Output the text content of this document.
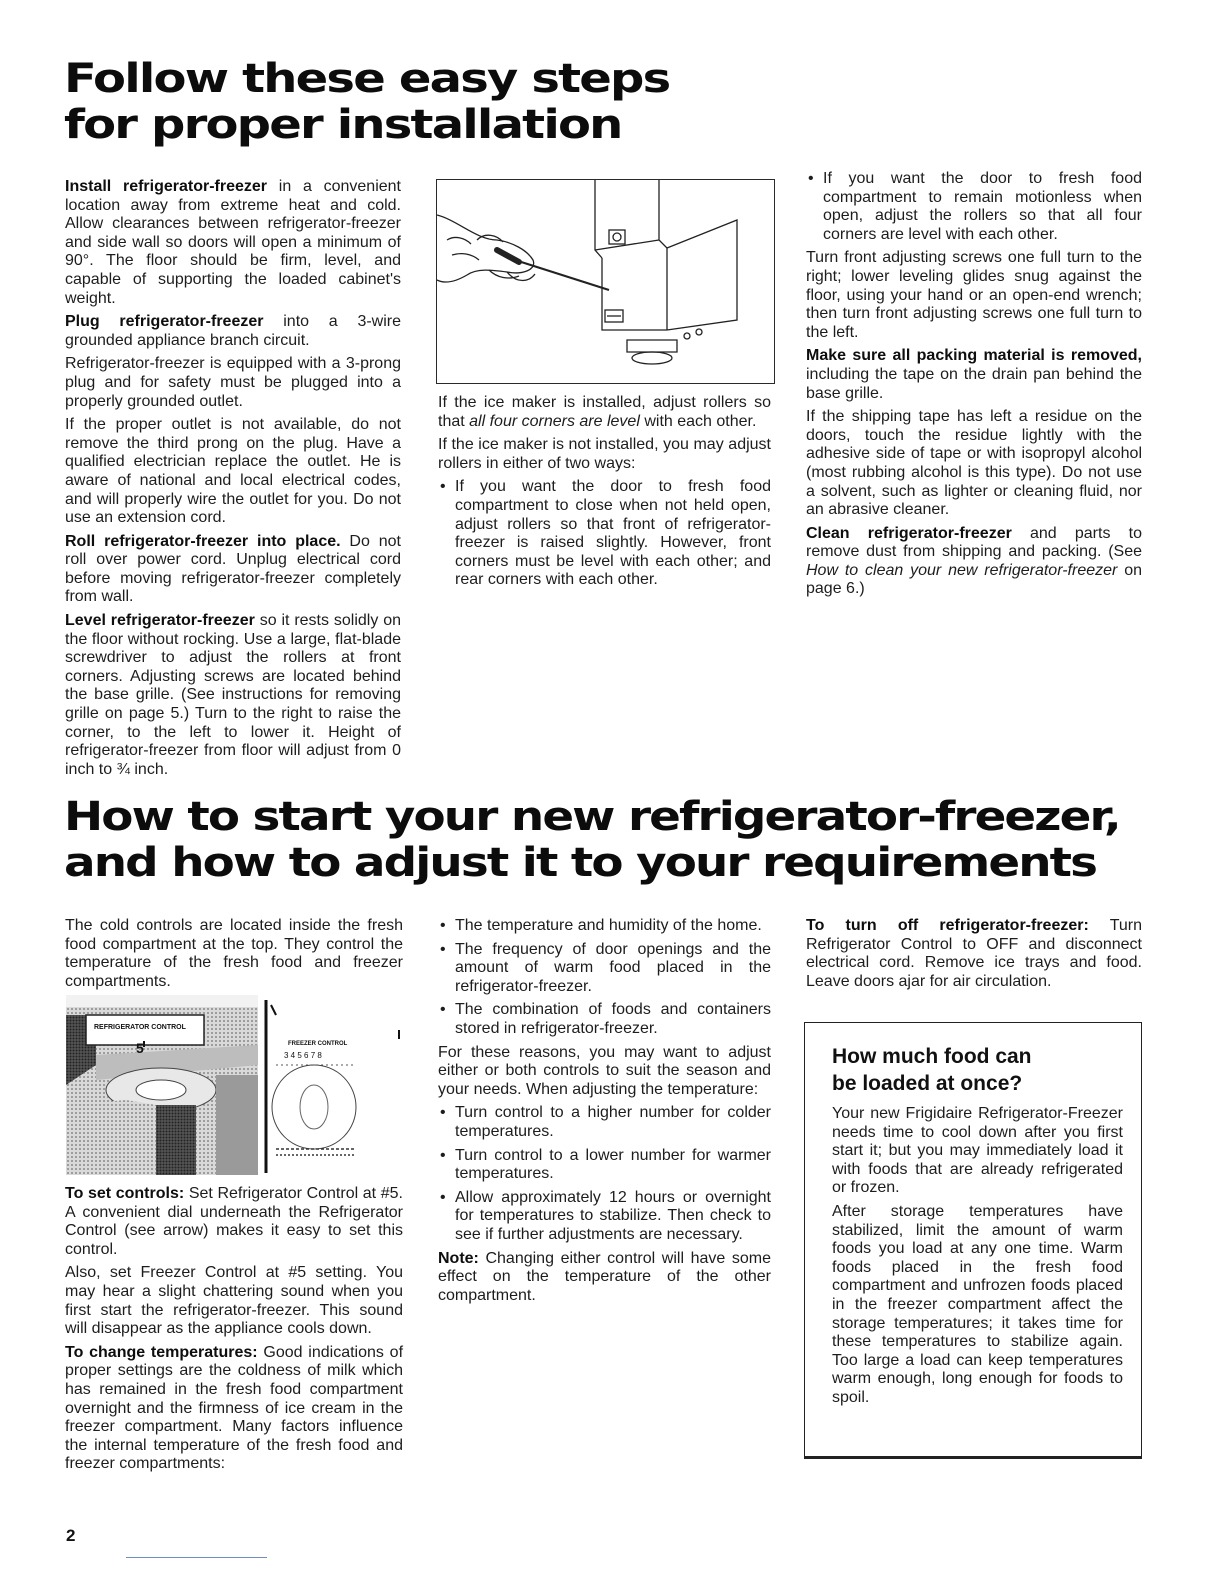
Follow these easy steps
for proper installation

Install refrigerator-freezer in a convenient location away from extreme heat and cold. Allow clearances between refrigerator-freezer and side wall so doors will open a minimum of 90°. The floor should be firm, level, and capable of supporting the loaded cabinet's weight.

Plug refrigerator-freezer into a 3-wire grounded appliance branch circuit.

Refrigerator-freezer is equipped with a 3-prong plug and for safety must be plugged into a properly grounded outlet.

If the proper outlet is not available, do not remove the third prong on the plug. Have a qualified electrician replace the outlet. He is aware of national and local electrical codes, and will properly wire the outlet for you. Do not use an extension cord.

Roll refrigerator-freezer into place. Do not roll over power cord. Unplug electrical cord before moving refrigerator-freezer completely from wall.

Level refrigerator-freezer so it rests solidly on the floor without rocking. Use a large, flat-blade screwdriver to adjust the rollers at front corners. Adjusting screws are located behind the base grille. (See instructions for removing grille on page 5.) Turn to the right to raise the corner, to the left to lower it. Height of refrigerator-freezer from floor will adjust from 0 inch to ¾ inch.

If the ice maker is installed, adjust rollers so that all four corners are level with each other.

If the ice maker is not installed, you may adjust rollers in either of two ways:

• If you want the door to fresh food compartment to close when not held open, adjust rollers so that front of refrigerator-freezer is raised slightly. However, front corners must be level with each other; and rear corners with each other.
• If you want the door to fresh food compartment to remain motionless when open, adjust the rollers so that all four corners are level with each other.

Turn front adjusting screws one full turn to the right; lower leveling glides snug against the floor, using your hand or an open-end wrench; then turn front adjusting screws one full turn to the left.

Make sure all packing material is removed, including the tape on the drain pan behind the base grille.

If the shipping tape has left a residue on the doors, touch the residue lightly with the adhesive side of tape or with isopropyl alcohol (most rubbing alcohol is this type). Do not use a solvent, such as lighter or cleaning fluid, nor an abrasive cleaner.

Clean refrigerator-freezer and parts to remove dust from shipping and packing. (See How to clean your new refrigerator-freezer on page 6.)

How to start your new refrigerator-freezer,
and how to adjust it to your requirements

The cold controls are located inside the fresh food compartment at the top. They control the temperature of the fresh food and freezer compartments.

REFRIGERATOR CONTROL
5	FREEZER CONTROL
3 4 5 6 7 8

To set controls: Set Refrigerator Control at #5. A convenient dial underneath the Refrigerator Control (see arrow) makes it easy to set this control.

Also, set Freezer Control at #5 setting. You may hear a slight chattering sound when you first start the refrigerator-freezer. This sound will disappear as the appliance cools down.

To change temperatures: Good indications of proper settings are the coldness of milk which has remained in the fresh food compartment overnight and the firmness of ice cream in the freezer compartment. Many factors influence the internal temperature of the fresh food and freezer compartments:

• The temperature and humidity of the home.
• The frequency of door openings and the amount of warm food placed in the refrigerator-freezer.
• The combination of foods and containers stored in refrigerator-freezer.

For these reasons, you may want to adjust either or both controls to suit the season and your needs. When adjusting the temperature:

• Turn control to a higher number for colder temperatures.
• Turn control to a lower number for warmer temperatures.
• Allow approximately 12 hours or overnight for temperatures to stabilize. Then check to see if further adjustments are necessary.

Note: Changing either control will have some effect on the temperature of the other compartment.

To turn off refrigerator-freezer: Turn Refrigerator Control to OFF and disconnect electrical cord. Remove ice trays and food. Leave doors ajar for air circulation.

How much food can
be loaded at once?

Your new Frigidaire Refrigerator-Freezer needs time to cool down after you first start it; but you may immediately load it with foods that are already refrigerated or frozen.

After storage temperatures have stabilized, limit the amount of warm foods you load at any one time. Warm foods placed in the fresh food compartment and unfrozen foods placed in the freezer compartment affect the storage temperatures; it takes time for these temperatures to stabilize again. Too large a load can keep temperatures warm enough, long enough for foods to spoil.

2
